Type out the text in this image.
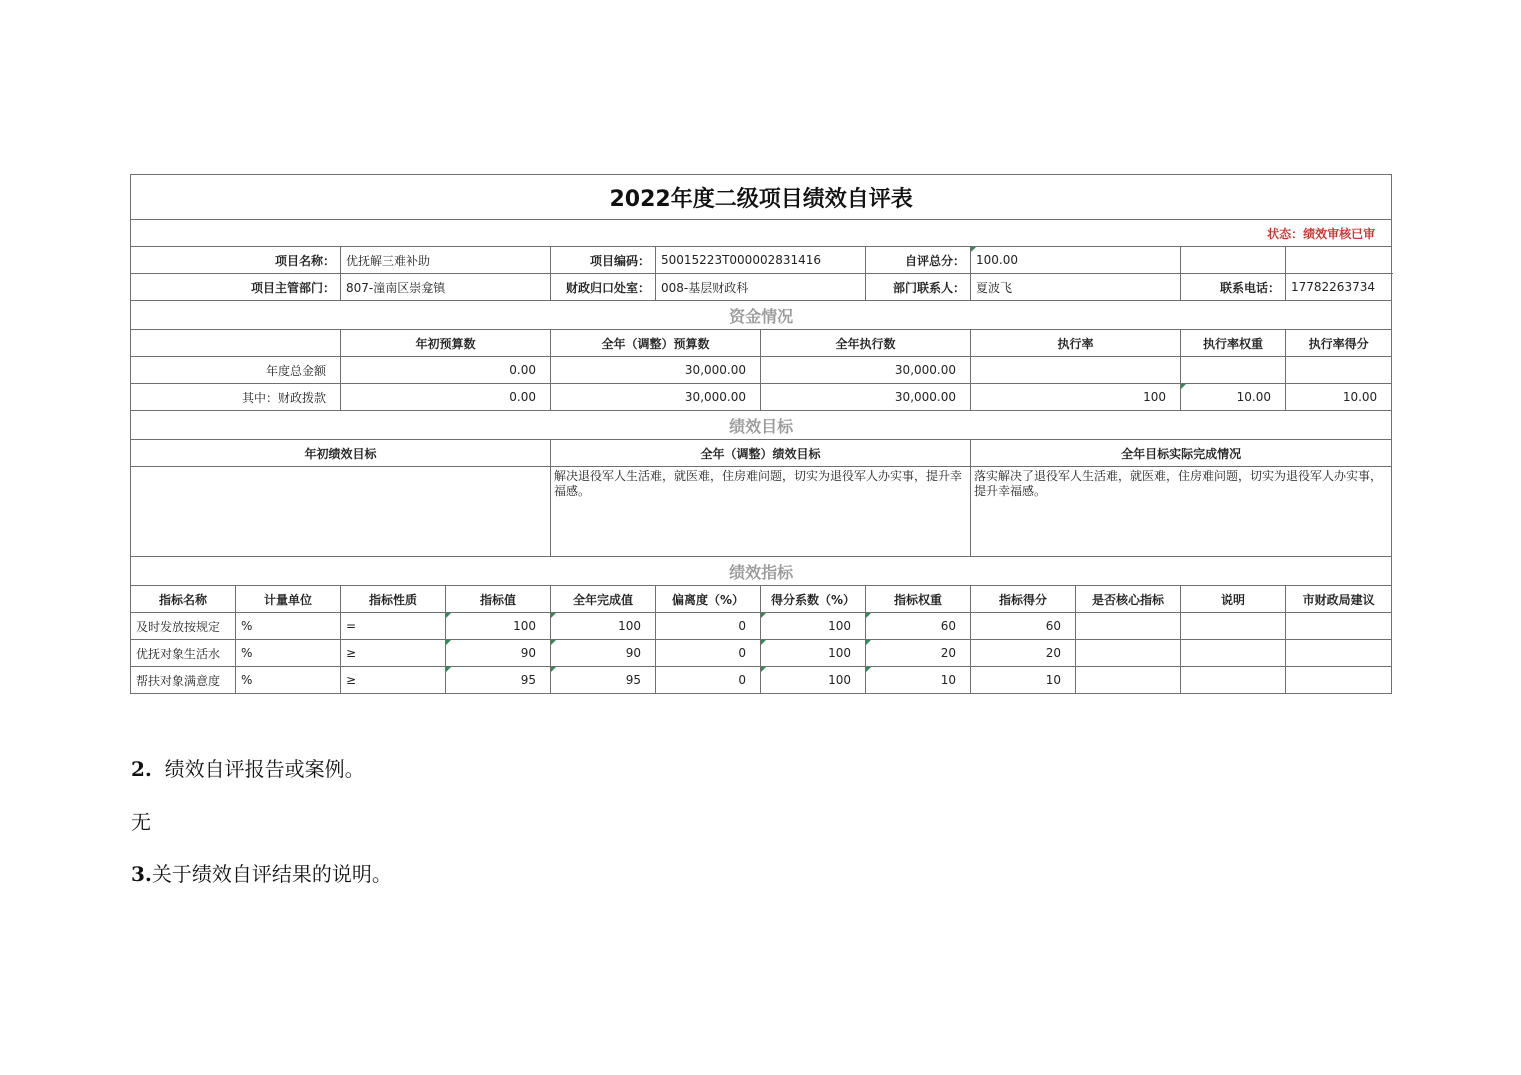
2022年度二级项目绩效自评表											
状态：绩效审核已审											
项目名称：		优抚解三难补助		项目编码：	50015223T000002831416		自评总分：	100.00			
项目主管部门：		807-潼南区崇龛镇		财政归口处室：	008-基层财政科		部门联系人：	夏波飞		联系电话：	17782263734
资金情况											
		年初预算数		全年（调整）预算数		全年执行数		执行率		执行率权重	执行率得分
年度总金额		0.00		30,000.00		30,000.00					
其中：财政拨款		0.00		30,000.00		30,000.00		100		10.00	10.00
绩效目标											
年初绩效目标				全年（调整）绩效目标				全年目标实际完成情况			
				解决退役军人生活难，就医难，住房难问题，切实为退役军人办实事，提升幸福感。				落实解决了退役军人生活难，就医难，住房难问题，切实为退役军人办实事，提升幸福感。			
绩效指标											
指标名称	计量单位	指标性质	指标值	全年完成值	偏离度（%）	得分系数（%）	指标权重	指标得分	是否核心指标	说明	市财政局建议
及时发放按规定	%	=	100	100	0	100	60	60			
优抚对象生活水	%	≥	90	90	0	100	20	20			
帮扶对象满意度	%	≥	95	95	0	100	10	10			

2. 绩效自评报告或案例。

无

3.关于绩效自评结果的说明。
